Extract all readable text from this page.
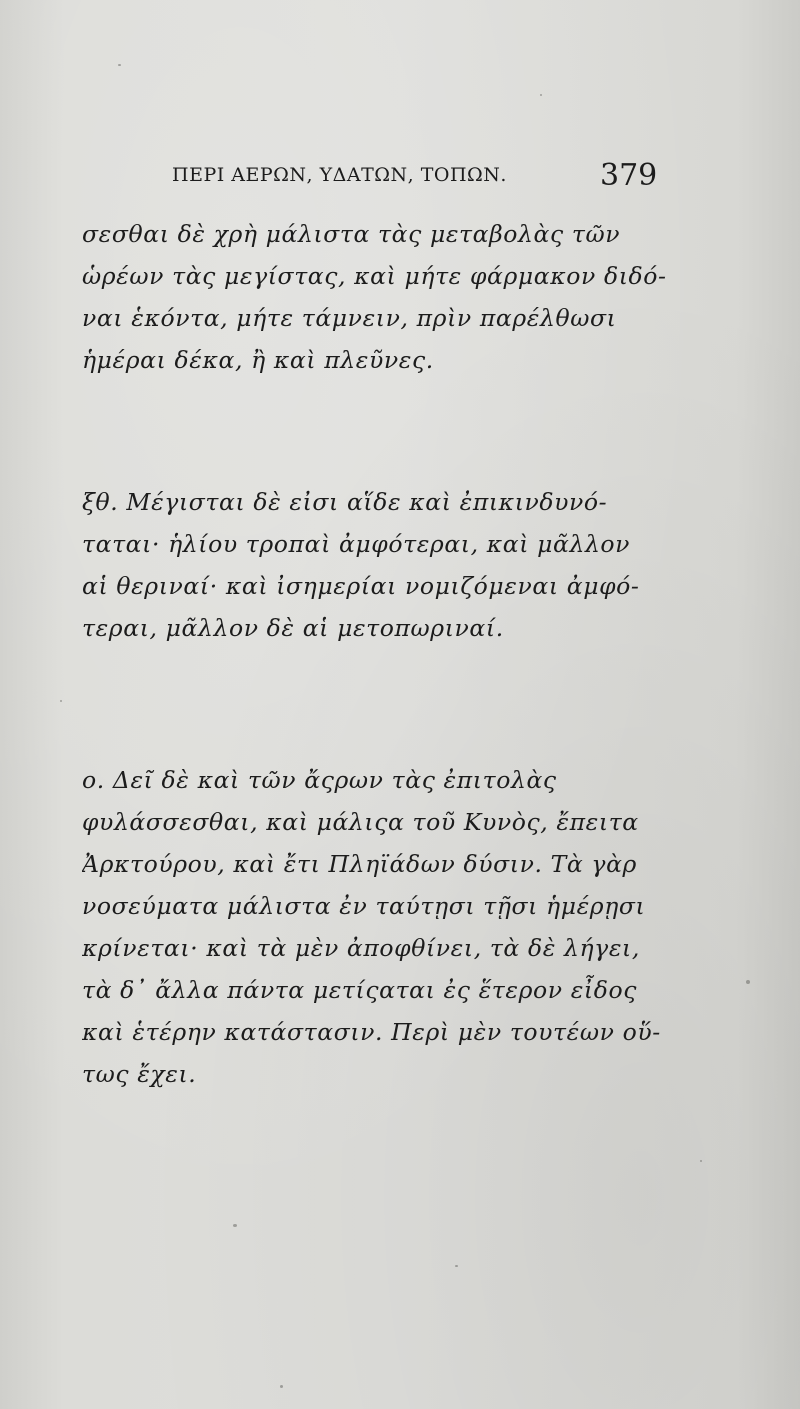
ΠΕΡΙ ΑΕΡΩΝ, ΥΔΑΤΩΝ, ΤΟΠΩΝ.	379
σεσθαι δὲ χρὴ μάλιστα τὰς μεταβολὰς τῶν
ὡρέων τὰς μεγίστας, καὶ μήτε φάρμακον διδό-
ναι ἑκόντα, μήτε τάμνειν, πρὶν παρέλθωσι
ἡμέραι δέκα, ἢ καὶ πλεῦνες.
ξθ. Μέγισται δὲ εἰσι αἵδε καὶ ἐπικινδυνό-
ταται· ἡλίου τροπαὶ ἀμφότεραι, καὶ μᾶλλον
αἱ θεριναί· καὶ ἰσημερίαι νομιζόμεναι ἀμφό-
τεραι, μᾶλλον δὲ αἱ μετοπωριναί.
ο. Δεῖ δὲ καὶ τῶν ἄςρων τὰς ἐπιτολὰς
φυλάσσεσθαι, καὶ μάλιςα τοῦ Κυνὸς, ἔπειτα
Ἀρκτούρου, καὶ ἔτι Πληϊάδων δύσιν. Τὰ γὰρ
νοσεύματα μάλιστα ἐν ταύτῃσι τῇσι ἡμέρῃσι
κρίνεται· καὶ τὰ μὲν ἀποφθίνει, τὰ δὲ λήγει,
τὰ δ᾽ ἄλλα πάντα μετίςαται ἐς ἕτερον εἶδος
καὶ ἑτέρην κατάστασιν. Περὶ μὲν τουτέων οὕ-
τως ἔχει.
